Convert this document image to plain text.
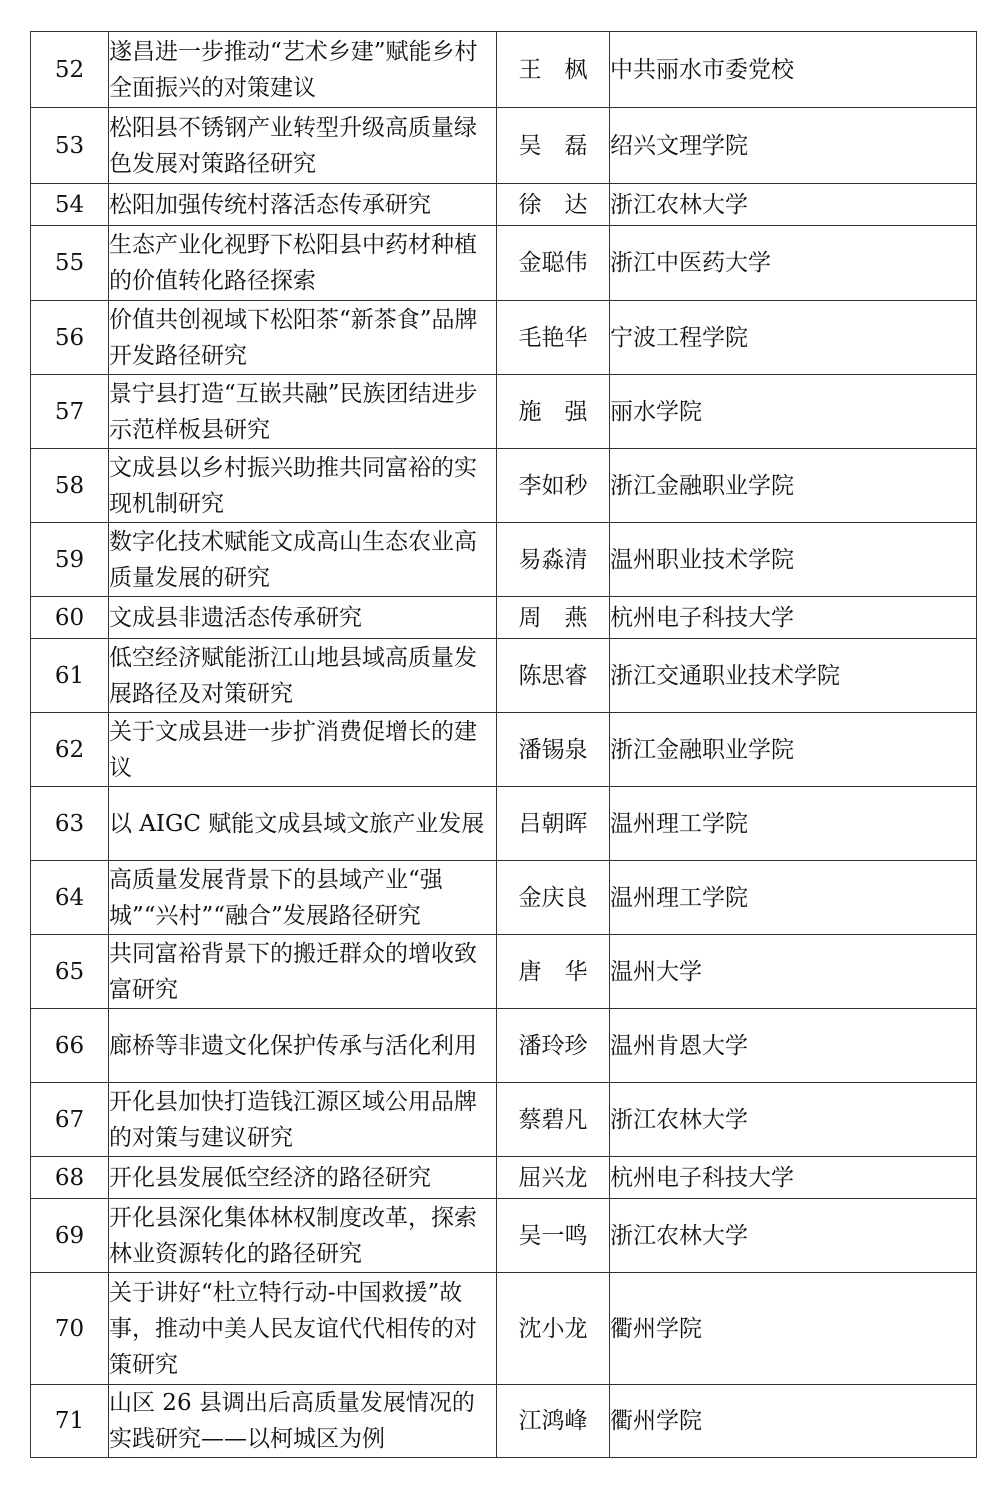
52	遂昌进一步推动“艺术乡建”赋能乡村全面振兴的对策建议	王　枫	中共丽水市委党校
53	松阳县不锈钢产业转型升级高质量绿色发展对策路径研究	吴　磊	绍兴文理学院
54	松阳加强传统村落活态传承研究	徐　达	浙江农林大学
55	生态产业化视野下松阳县中药材种植的价值转化路径探索	金聪伟	浙江中医药大学
56	价值共创视域下松阳茶“新茶食”品牌开发路径研究	毛艳华	宁波工程学院
57	景宁县打造“互嵌共融”民族团结进步示范样板县研究	施　强	丽水学院
58	文成县以乡村振兴助推共同富裕的实现机制研究	李如秒	浙江金融职业学院
59	数字化技术赋能文成高山生态农业高质量发展的研究	易淼清	温州职业技术学院
60	文成县非遗活态传承研究	周　燕	杭州电子科技大学
61	低空经济赋能浙江山地县域高质量发展路径及对策研究	陈思睿	浙江交通职业技术学院
62	关于文成县进一步扩消费促增长的建议	潘锡泉	浙江金融职业学院
63	以 AIGC 赋能文成县域文旅产业发展	吕朝晖	温州理工学院
64	高质量发展背景下的县域产业“强城”“兴村”“融合”发展路径研究	金庆良	温州理工学院
65	共同富裕背景下的搬迁群众的增收致富研究	唐　华	温州大学
66	廊桥等非遗文化保护传承与活化利用	潘玲珍	温州肯恩大学
67	开化县加快打造钱江源区域公用品牌的对策与建议研究	蔡碧凡	浙江农林大学
68	开化县发展低空经济的路径研究	屈兴龙	杭州电子科技大学
69	开化县深化集体林权制度改革，探索林业资源转化的路径研究	吴一鸣	浙江农林大学
70	关于讲好“杜立特行动-中国救援”故事，推动中美人民友谊代代相传的对策研究	沈小龙	衢州学院
71	山区 26 县调出后高质量发展情况的实践研究——以柯城区为例	江鸿峰	衢州学院
